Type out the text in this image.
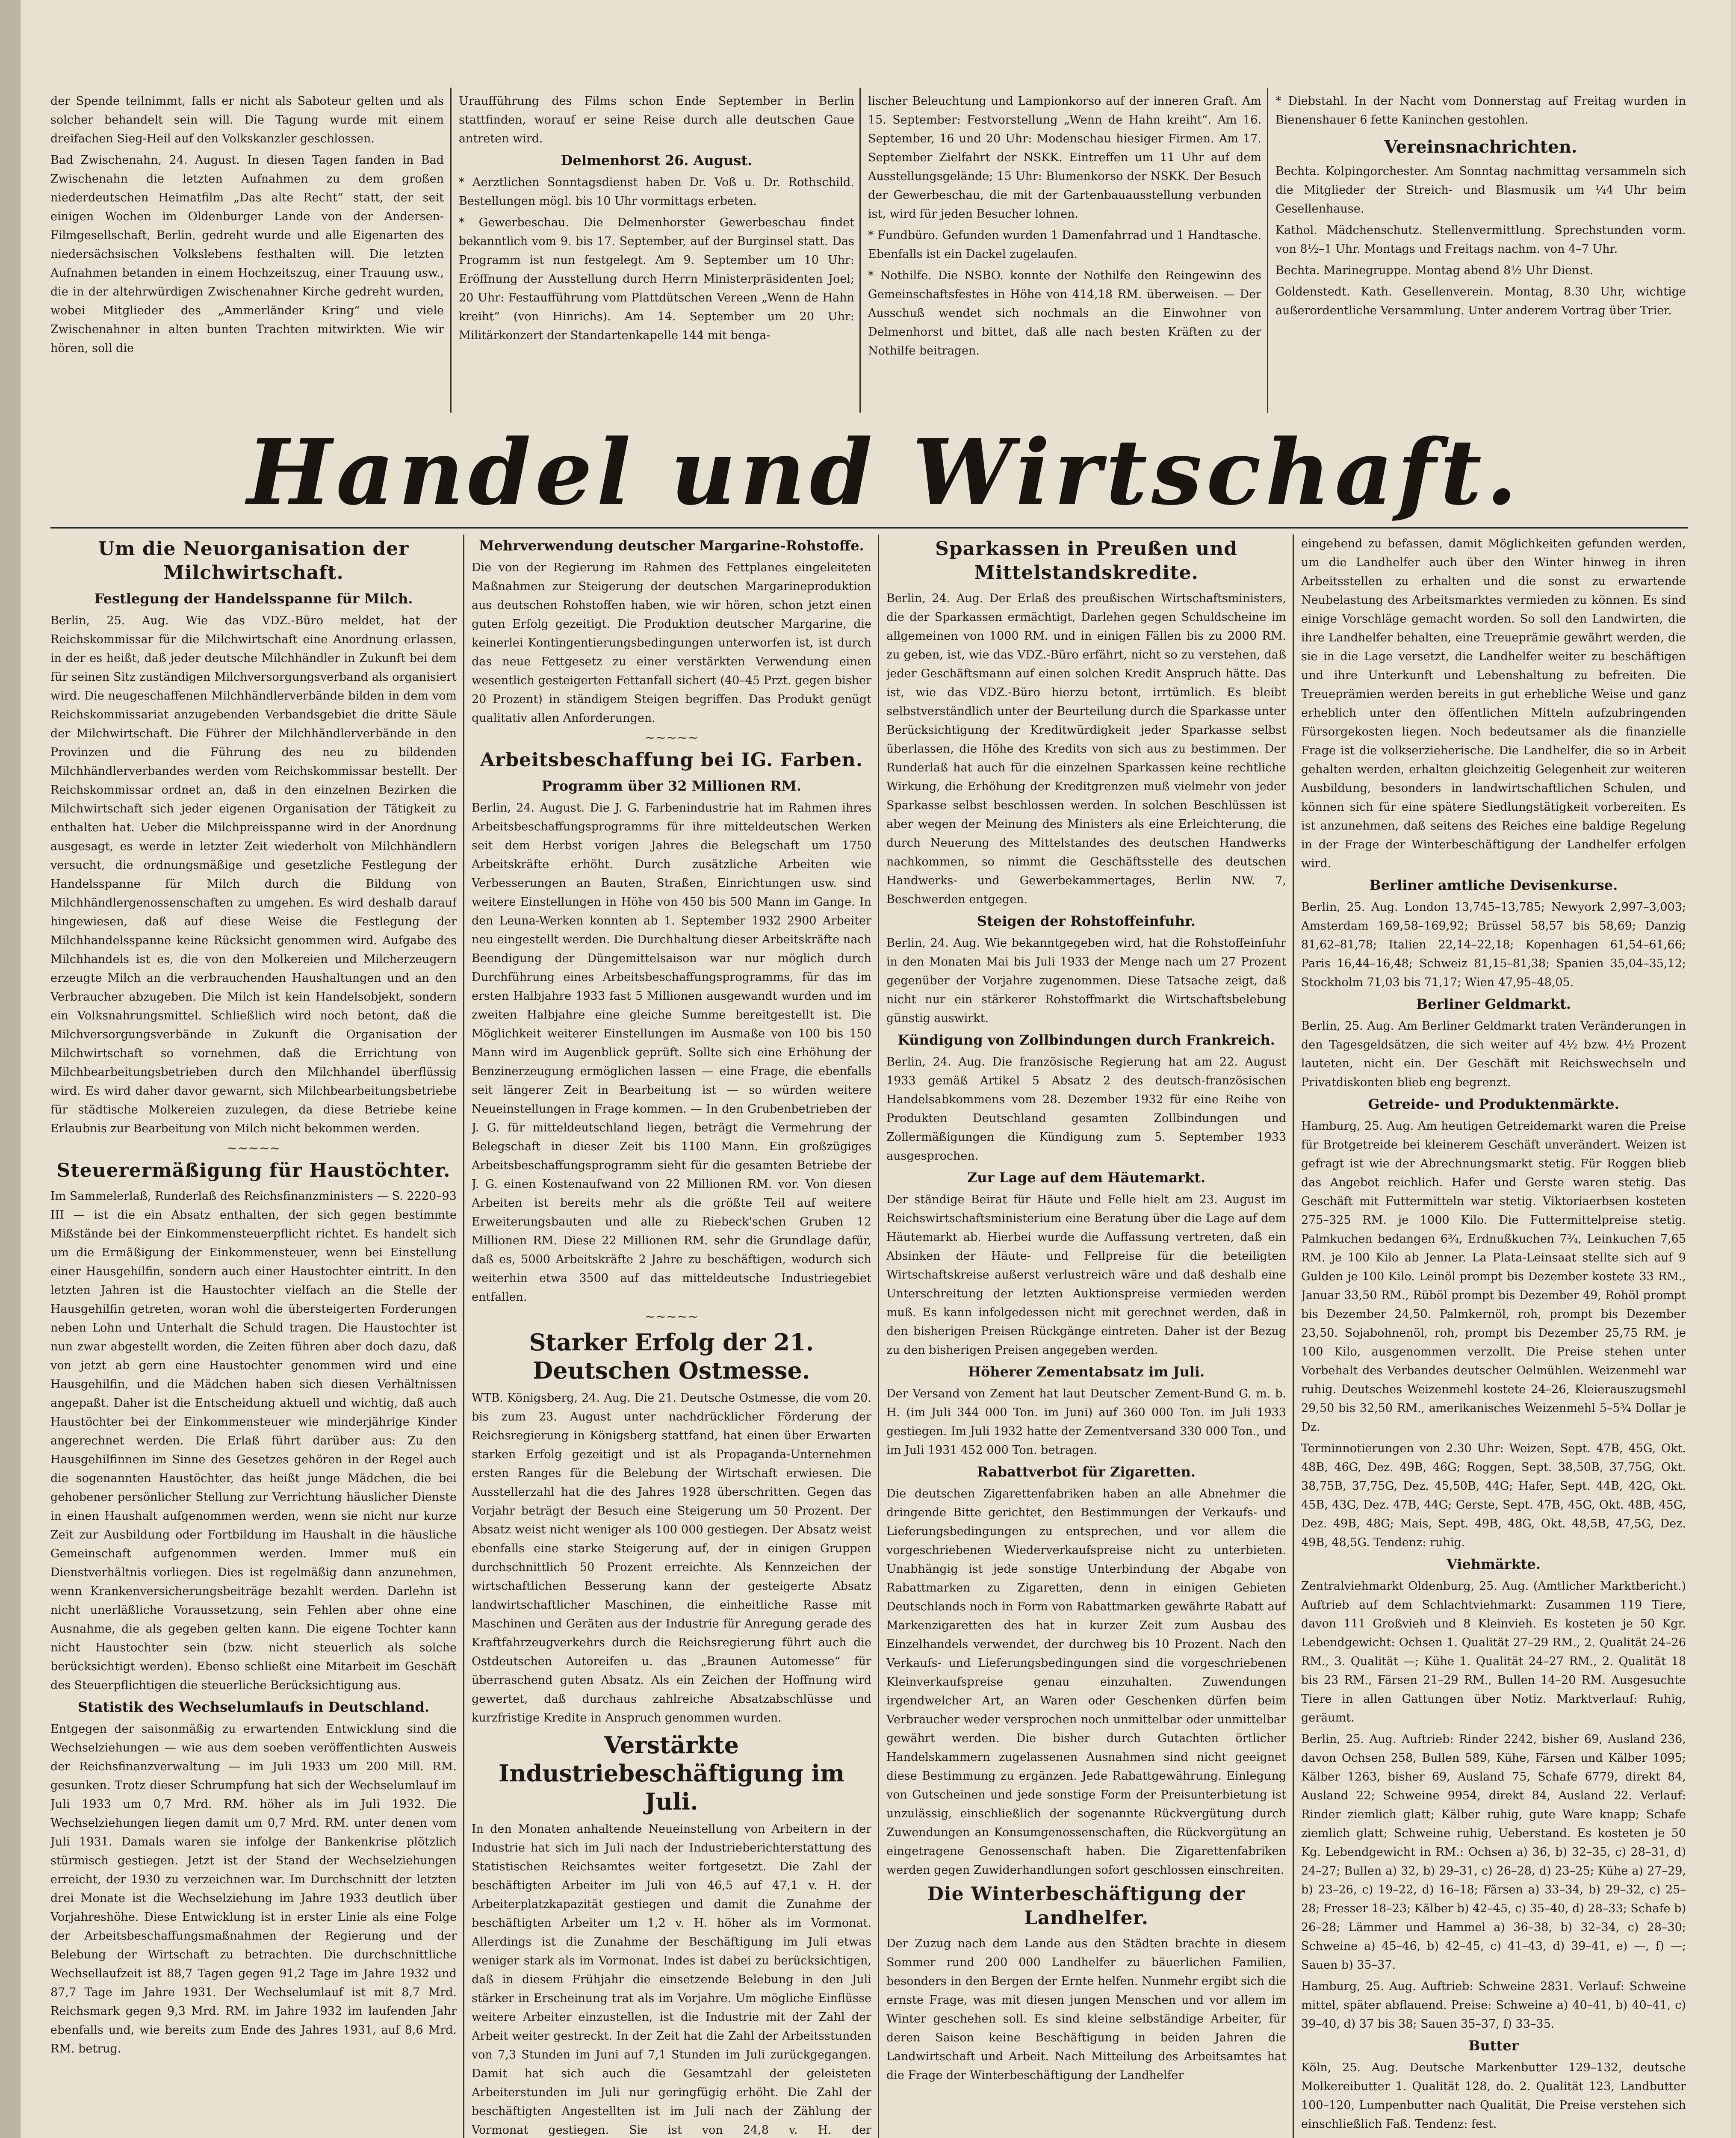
der Spende teilnimmt, falls er nicht als Saboteur gelten und als solcher behandelt sein will. Die Tagung wurde mit einem dreifachen Sieg-Heil auf den Volkskanzler geschlossen.

Bad Zwischenahn, 24. August. In diesen Tagen fanden in Bad Zwischenahn die letzten Aufnahmen zu dem großen niederdeutschen Heimatfilm „Das alte Recht“ statt, der seit einigen Wochen im Oldenburger Lande von der Andersen-Filmgesellschaft, Berlin, gedreht wurde und alle Eigenarten des niedersächsischen Volkslebens festhalten will. Die letzten Aufnahmen betanden in einem Hochzeitszug, einer Trauung usw., die in der altehrwürdigen Zwischenahner Kirche gedreht wurden, wobei Mitglieder des „Ammerländer Kring“ und viele Zwischenahner in alten bunten Trachten mitwirkten. Wie wir hören, soll die

Uraufführung des Films schon Ende September in Berlin stattfinden, worauf er seine Reise durch alle deutschen Gaue antreten wird.

Delmenhorst 26. August.

* Aerztlichen Sonntagsdienst haben Dr. Voß u. Dr. Rothschild. Bestellungen mögl. bis 10 Uhr vormittags erbeten.

* Gewerbeschau. Die Delmenhorster Gewerbeschau findet bekanntlich vom 9. bis 17. September, auf der Burginsel statt. Das Programm ist nun festgelegt. Am 9. September um 10 Uhr: Eröffnung der Ausstellung durch Herrn Ministerpräsidenten Joel; 20 Uhr: Festaufführung vom Plattdütschen Vereen „Wenn de Hahn kreiht“ (von Hinrichs). Am 14. September um 20 Uhr: Militärkonzert der Standartenkapelle 144 mit benga-

lischer Beleuchtung und Lampionkorso auf der inneren Graft. Am 15. September: Festvorstellung „Wenn de Hahn kreiht“. Am 16. September, 16 und 20 Uhr: Modenschau hiesiger Firmen. Am 17. September Zielfahrt der NSKK. Eintreffen um 11 Uhr auf dem Ausstellungsgelände; 15 Uhr: Blumenkorso der NSKK. Der Besuch der Gewerbeschau, die mit der Gartenbauausstellung verbunden ist, wird für jeden Besucher lohnen.

* Fundbüro. Gefunden wurden 1 Damenfahrrad und 1 Handtasche. Ebenfalls ist ein Dackel zugelaufen.

* Nothilfe. Die NSBO. konnte der Nothilfe den Reingewinn des Gemeinschaftsfestes in Höhe von 414,18 RM. überweisen. — Der Ausschuß wendet sich nochmals an die Einwohner von Delmenhorst und bittet, daß alle nach besten Kräften zu der Nothilfe beitragen.

* Diebstahl. In der Nacht vom Donnerstag auf Freitag wurden in Bienenshauer 6 fette Kaninchen gestohlen.

Vereinsnachrichten.

Bechta. Kolpingorchester. Am Sonntag nachmittag versammeln sich die Mitglieder der Streich- und Blasmusik um ¼4 Uhr beim Gesellenhause.

Kathol. Mädchenschutz. Stellenvermittlung. Sprechstunden vorm. von 8½–1 Uhr. Montags und Freitags nachm. von 4–7 Uhr.

Bechta. Marinegruppe. Montag abend 8½ Uhr Dienst.

Goldenstedt. Kath. Gesellenverein. Montag, 8.30 Uhr, wichtige außerordentliche Versammlung. Unter anderem Vortrag über Trier.

Handel und Wirtschaft.
Um die Neuorganisation der Milchwirtschaft.
Festlegung der Handelsspanne für Milch.

Berlin, 25. Aug. Wie das VDZ.-Büro meldet, hat der Reichskommissar für die Milchwirtschaft eine Anordnung erlassen, in der es heißt, daß jeder deutsche Milchhändler in Zukunft bei dem für seinen Sitz zuständigen Milchversorgungsverband als organisiert wird. Die neugeschaffenen Milchhändlerverbände bilden in dem vom Reichskommissariat anzugebenden Verbandsgebiet die dritte Säule der Milchwirtschaft. Die Führer der Milchhändlerverbände in den Provinzen und die Führung des neu zu bildenden Milchhändlerverbandes werden vom Reichskommissar bestellt. Der Reichskommissar ordnet an, daß in den einzelnen Bezirken die Milchwirtschaft sich jeder eigenen Organisation der Tätigkeit zu enthalten hat. Ueber die Milchpreisspanne wird in der Anordnung ausgesagt, es werde in letzter Zeit wiederholt von Milchhändlern versucht, die ordnungsmäßige und gesetzliche Festlegung der Handelsspanne für Milch durch die Bildung von Milchhändlergenossenschaften zu umgehen. Es wird deshalb darauf hingewiesen, daß auf diese Weise die Festlegung der Milchhandelsspanne keine Rücksicht genommen wird. Aufgabe des Milchhandels ist es, die von den Molkereien und Milcherzeugern erzeugte Milch an die verbrauchenden Haushaltungen und an den Verbraucher abzugeben. Die Milch ist kein Handelsobjekt, sondern ein Volksnahrungsmittel. Schließlich wird noch betont, daß die Milchversorgungsverbände in Zukunft die Organisation der Milchwirtschaft so vornehmen, daß die Errichtung von Milchbearbeitungsbetrieben durch den Milchhandel überflüssig wird. Es wird daher davor gewarnt, sich Milchbearbeitungsbetriebe für städtische Molkereien zuzulegen, da diese Betriebe keine Erlaubnis zur Bearbeitung von Milch nicht bekommen werden.

∼∼∼∼∼
Steuerermäßigung für Haustöchter.

Im Sammelerlaß, Runderlaß des Reichsfinanzministers — S. 2220–93 III — ist die ein Absatz enthalten, der sich gegen bestimmte Mißstände bei der Einkommensteuerpflicht richtet. Es handelt sich um die Ermäßigung der Einkommensteuer, wenn bei Einstellung einer Hausgehilfin, sondern auch einer Haustochter eintritt. In den letzten Jahren ist die Haustochter vielfach an die Stelle der Hausgehilfin getreten, woran wohl die übersteigerten Forderungen neben Lohn und Unterhalt die Schuld tragen. Die Haustochter ist nun zwar abgestellt worden, die Zeiten führen aber doch dazu, daß von jetzt ab gern eine Haustochter genommen wird und eine Hausgehilfin, und die Mädchen haben sich diesen Verhältnissen angepaßt. Daher ist die Entscheidung aktuell und wichtig, daß auch Haustöchter bei der Einkommensteuer wie minderjährige Kinder angerechnet werden. Die Erlaß führt darüber aus: Zu den Hausgehilfinnen im Sinne des Gesetzes gehören in der Regel auch die sogenannten Haustöchter, das heißt junge Mädchen, die bei gehobener persönlicher Stellung zur Verrichtung häuslicher Dienste in einen Haushalt aufgenommen werden, wenn sie nicht nur kurze Zeit zur Ausbildung oder Fortbildung im Haushalt in die häusliche Gemeinschaft aufgenommen werden. Immer muß ein Dienstverhältnis vorliegen. Dies ist regelmäßig dann anzunehmen, wenn Krankenversicherungsbeiträge bezahlt werden. Darlehn ist nicht unerläßliche Voraussetzung, sein Fehlen aber ohne eine Ausnahme, die als gegeben gelten kann. Die eigene Tochter kann nicht Haustochter sein (bzw. nicht steuerlich als solche berücksichtigt werden). Ebenso schließt eine Mitarbeit im Geschäft des Steuerpflichtigen die steuerliche Berücksichtigung aus.

Statistik des Wechselumlaufs in Deutschland.

Entgegen der saisonmäßig zu erwartenden Entwicklung sind die Wechselziehungen — wie aus dem soeben veröffentlichten Ausweis der Reichsfinanzverwaltung — im Juli 1933 um 200 Mill. RM. gesunken. Trotz dieser Schrumpfung hat sich der Wechselumlauf im Juli 1933 um 0,7 Mrd. RM. höher als im Juli 1932. Die Wechselziehungen liegen damit um 0,7 Mrd. RM. unter denen vom Juli 1931. Damals waren sie infolge der Bankenkrise plötzlich stürmisch gestiegen. Jetzt ist der Stand der Wechselziehungen erreicht, der 1930 zu verzeichnen war. Im Durchschnitt der letzten drei Monate ist die Wechselziehung im Jahre 1933 deutlich über Vorjahreshöhe. Diese Entwicklung ist in erster Linie als eine Folge der Arbeitsbeschaffungsmaßnahmen der Regierung und der Belebung der Wirtschaft zu betrachten. Die durchschnittliche Wechsellaufzeit ist 88,7 Tagen gegen 91,2 Tage im Jahre 1932 und 87,7 Tage im Jahre 1931. Der Wechselumlauf ist mit 8,7 Mrd. Reichsmark gegen 9,3 Mrd. RM. im Jahre 1932 im laufenden Jahr ebenfalls und, wie bereits zum Ende des Jahres 1931, auf 8,6 Mrd. RM. betrug.

Mehrverwendung deutscher Margarine-Rohstoffe.

Die von der Regierung im Rahmen des Fettplanes eingeleiteten Maßnahmen zur Steigerung der deutschen Margarineproduktion aus deutschen Rohstoffen haben, wie wir hören, schon jetzt einen guten Erfolg gezeitigt. Die Produktion deutscher Margarine, die keinerlei Kontingentierungsbedingungen unterworfen ist, ist durch das neue Fettgesetz zu einer verstärkten Verwendung einen wesentlich gesteigerten Fettanfall sichert (40–45 Przt. gegen bisher 20 Prozent) in ständigem Steigen begriffen. Das Produkt genügt qualitativ allen Anforderungen.

∼∼∼∼∼
Arbeitsbeschaffung bei IG. Farben.
Programm über 32 Millionen RM.

Berlin, 24. August. Die J. G. Farbenindustrie hat im Rahmen ihres Arbeitsbeschaffungsprogramms für ihre mitteldeutschen Werken seit dem Herbst vorigen Jahres die Belegschaft um 1750 Arbeitskräfte erhöht. Durch zusätzliche Arbeiten wie Verbesserungen an Bauten, Straßen, Einrichtungen usw. sind weitere Einstellungen in Höhe von 450 bis 500 Mann im Gange. In den Leuna-Werken konnten ab 1. September 1932 2900 Arbeiter neu eingestellt werden. Die Durchhaltung dieser Arbeitskräfte nach Beendigung der Düngemittelsaison war nur möglich durch Durchführung eines Arbeitsbeschaffungsprogramms, für das im ersten Halbjahre 1933 fast 5 Millionen ausgewandt wurden und im zweiten Halbjahre eine gleiche Summe bereitgestellt ist. Die Möglichkeit weiterer Einstellungen im Ausmaße von 100 bis 150 Mann wird im Augenblick geprüft. Sollte sich eine Erhöhung der Benzinerzeugung ermöglichen lassen — eine Frage, die ebenfalls seit längerer Zeit in Bearbeitung ist — so würden weitere Neueinstellungen in Frage kommen. — In den Grubenbetrieben der J. G. für mitteldeutschland liegen, beträgt die Vermehrung der Belegschaft in dieser Zeit bis 1100 Mann. Ein großzügiges Arbeitsbeschaffungsprogramm sieht für die gesamten Betriebe der J. G. einen Kostenaufwand von 22 Millionen RM. vor. Von diesen Arbeiten ist bereits mehr als die größte Teil auf weitere Erweiterungsbauten und alle zu Riebeck'schen Gruben 12 Millionen RM. Diese 22 Millionen RM. sehr die Grundlage dafür, daß es, 5000 Arbeitskräfte 2 Jahre zu beschäftigen, wodurch sich weiterhin etwa 3500 auf das mitteldeutsche Industriegebiet entfallen.

∼∼∼∼∼
Starker Erfolg der 21. Deutschen Ostmesse.

WTB. Königsberg, 24. Aug. Die 21. Deutsche Ostmesse, die vom 20. bis zum 23. August unter nachdrücklicher Förderung der Reichsregierung in Königsberg stattfand, hat einen über Erwarten starken Erfolg gezeitigt und ist als Propaganda-Unternehmen ersten Ranges für die Belebung der Wirtschaft erwiesen. Die Ausstellerzahl hat die des Jahres 1928 überschritten. Gegen das Vorjahr beträgt der Besuch eine Steigerung um 50 Prozent. Der Absatz weist nicht weniger als 100 000 gestiegen. Der Absatz weist ebenfalls eine starke Steigerung auf, der in einigen Gruppen durchschnittlich 50 Prozent erreichte. Als Kennzeichen der wirtschaftlichen Besserung kann der gesteigerte Absatz landwirtschaftlicher Maschinen, die einheitliche Rasse mit Maschinen und Geräten aus der Industrie für Anregung gerade des Kraftfahrzeugverkehrs durch die Reichsregierung führt auch die Ostdeutschen Autoreifen u. das „Braunen Automesse“ für überraschend guten Absatz. Als ein Zeichen der Hoffnung wird gewertet, daß durchaus zahlreiche Absatzabschlüsse und kurzfristige Kredite in Anspruch genommen wurden.

Verstärkte Industriebeschäftigung im Juli.

In den Monaten anhaltende Neueinstellung von Arbeitern in der Industrie hat sich im Juli nach der Industrieberichterstattung des Statistischen Reichsamtes weiter fortgesetzt. Die Zahl der beschäftigten Arbeiter im Juli von 46,5 auf 47,1 v. H. der Arbeiterplatzkapazität gestiegen und damit die Zunahme der beschäftigten Arbeiter um 1,2 v. H. höher als im Vormonat. Allerdings ist die Zunahme der Beschäftigung im Juli etwas weniger stark als im Vormonat. Indes ist dabei zu berücksichtigen, daß in diesem Frühjahr die einsetzende Belebung in den Juli stärker in Erscheinung trat als im Vorjahre. Um mögliche Einflüsse weitere Arbeiter einzustellen, ist die Industrie mit der Zahl der Arbeit weiter gestreckt. In der Zeit hat die Zahl der Arbeitsstunden von 7,3 Stunden im Juni auf 7,1 Stunden im Juli zurückgegangen. Damit hat sich auch die Gesamtzahl der geleisteten Arbeiterstunden im Juli nur geringfügig erhöht. Die Zahl der beschäftigten Angestellten ist im Juli nach der Zählung der Vormonat gestiegen. Sie ist von 24,8 v. H. der

Sparkassen in Preußen und Mittelstandskredite.

Berlin, 24. Aug. Der Erlaß des preußischen Wirtschaftsministers, die der Sparkassen ermächtigt, Darlehen gegen Schuldscheine im allgemeinen von 1000 RM. und in einigen Fällen bis zu 2000 RM. zu geben, ist, wie das VDZ.-Büro erfährt, nicht so zu verstehen, daß jeder Geschäftsmann auf einen solchen Kredit Anspruch hätte. Das ist, wie das VDZ.-Büro hierzu betont, irrtümlich. Es bleibt selbstverständlich unter der Beurteilung durch die Sparkasse unter Berücksichtigung der Kreditwürdigkeit jeder Sparkasse selbst überlassen, die Höhe des Kredits von sich aus zu bestimmen. Der Runderlaß hat auch für die einzelnen Sparkassen keine rechtliche Wirkung, die Erhöhung der Kreditgrenzen muß vielmehr von jeder Sparkasse selbst beschlossen werden. In solchen Beschlüssen ist aber wegen der Meinung des Ministers als eine Erleichterung, die durch Neuerung des Mittelstandes des deutschen Handwerks nachkommen, so nimmt die Geschäftsstelle des deutschen Handwerks- und Gewerbekammertages, Berlin NW. 7, Beschwerden entgegen.

Steigen der Rohstoffeinfuhr.

Berlin, 24. Aug. Wie bekanntgegeben wird, hat die Rohstoffeinfuhr in den Monaten Mai bis Juli 1933 der Menge nach um 27 Prozent gegenüber der Vorjahre zugenommen. Diese Tatsache zeigt, daß nicht nur ein stärkerer Rohstoffmarkt die Wirtschaftsbelebung günstig auswirkt.

Kündigung von Zollbindungen durch Frankreich.

Berlin, 24. Aug. Die französische Regierung hat am 22. August 1933 gemäß Artikel 5 Absatz 2 des deutsch-französischen Handelsabkommens vom 28. Dezember 1932 für eine Reihe von Produkten Deutschland gesamten Zollbindungen und Zollermäßigungen die Kündigung zum 5. September 1933 ausgesprochen.

Zur Lage auf dem Häutemarkt.

Der ständige Beirat für Häute und Felle hielt am 23. August im Reichswirtschaftsministerium eine Beratung über die Lage auf dem Häutemarkt ab. Hierbei wurde die Auffassung vertreten, daß ein Absinken der Häute- und Fellpreise für die beteiligten Wirtschaftskreise außerst verlustreich wäre und daß deshalb eine Unterschreitung der letzten Auktionspreise vermieden werden muß. Es kann infolgedessen nicht mit gerechnet werden, daß in den bisherigen Preisen Rückgänge eintreten. Daher ist der Bezug zu den bisherigen Preisen angegeben werden.

Höherer Zementabsatz im Juli.

Der Versand von Zement hat laut Deutscher Zement-Bund G. m. b. H. (im Juli 344 000 Ton. im Juni) auf 360 000 Ton. im Juli 1933 gestiegen. Im Juli 1932 hatte der Zementversand 330 000 Ton., und im Juli 1931 452 000 Ton. betragen.

Rabattverbot für Zigaretten.

Die deutschen Zigarettenfabriken haben an alle Abnehmer die dringende Bitte gerichtet, den Bestimmungen der Verkaufs- und Lieferungsbedingungen zu entsprechen, und vor allem die vorgeschriebenen Wiederverkaufspreise nicht zu unterbieten. Unabhängig ist jede sonstige Unterbindung der Abgabe von Rabattmarken zu Zigaretten, denn in einigen Gebieten Deutschlands noch in Form von Rabattmarken gewährte Rabatt auf Markenzigaretten des hat in kurzer Zeit zum Ausbau des Einzelhandels verwendet, der durchweg bis 10 Prozent. Nach den Verkaufs- und Lieferungsbedingungen sind die vorgeschriebenen Kleinverkaufspreise genau einzuhalten. Zuwendungen irgendwelcher Art, an Waren oder Geschenken dürfen beim Verbraucher weder versprochen noch unmittelbar oder unmittelbar gewährt werden. Die bisher durch Gutachten örtlicher Handelskammern zugelassenen Ausnahmen sind nicht geeignet diese Bestimmung zu ergänzen. Jede Rabattgewährung. Einlegung von Gutscheinen und jede sonstige Form der Preisunterbietung ist unzulässig, einschließlich der sogenannte Rückvergütung durch Zuwendungen an Konsumgenossenschaften, die Rückvergütung an eingetragene Genossenschaft haben. Die Zigarettenfabriken werden gegen Zuwiderhandlungen sofort geschlossen einschreiten.

Die Winterbeschäftigung der Landhelfer.

Der Zuzug nach dem Lande aus den Städten brachte in diesem Sommer rund 200 000 Landhelfer zu bäuerlichen Familien, besonders in den Bergen der Ernte helfen. Nunmehr ergibt sich die ernste Frage, was mit diesen jungen Menschen und vor allem im Winter geschehen soll. Es sind kleine selbständige Arbeiter, für deren Saison keine Beschäftigung in beiden Jahren die Landwirtschaft und Arbeit. Nach Mitteilung des Arbeitsamtes hat die Frage der Winterbeschäftigung der Landhelfer

eingehend zu befassen, damit Möglichkeiten gefunden werden, um die Landhelfer auch über den Winter hinweg in ihren Arbeitsstellen zu erhalten und die sonst zu erwartende Neubelastung des Arbeitsmarktes vermieden zu können. Es sind einige Vorschläge gemacht worden. So soll den Landwirten, die ihre Landhelfer behalten, eine Treueprämie gewährt werden, die sie in die Lage versetzt, die Landhelfer weiter zu beschäftigen und ihre Unterkunft und Lebenshaltung zu befreiten. Die Treueprämien werden bereits in gut erhebliche Weise und ganz erheblich unter den öffentlichen Mitteln aufzubringenden Fürsorgekosten liegen. Noch bedeutsamer als die finanzielle Frage ist die volkserzieherische. Die Landhelfer, die so in Arbeit gehalten werden, erhalten gleichzeitig Gelegenheit zur weiteren Ausbildung, besonders in landwirtschaftlichen Schulen, und können sich für eine spätere Siedlungstätigkeit vorbereiten. Es ist anzunehmen, daß seitens des Reiches eine baldige Regelung in der Frage der Winterbeschäftigung der Landhelfer erfolgen wird.

Berliner amtliche Devisenkurse.

Berlin, 25. Aug. London 13,745–13,785; Newyork 2,997–3,003; Amsterdam 169,58–169,92; Brüssel 58,57 bis 58,69; Danzig 81,62–81,78; Italien 22,14–22,18; Kopenhagen 61,54–61,66; Paris 16,44–16,48; Schweiz 81,15–81,38; Spanien 35,04–35,12; Stockholm 71,03 bis 71,17; Wien 47,95–48,05.

Berliner Geldmarkt.

Berlin, 25. Aug. Am Berliner Geldmarkt traten Veränderungen in den Tagesgeldsätzen, die sich weiter auf 4½ bzw. 4½ Prozent lauteten, nicht ein. Der Geschäft mit Reichswechseln und Privatdiskonten blieb eng begrenzt.

Getreide- und Produktenmärkte.

Hamburg, 25. Aug. Am heutigen Getreidemarkt waren die Preise für Brotgetreide bei kleinerem Geschäft unverändert. Weizen ist gefragt ist wie der Abrechnungsmarkt stetig. Für Roggen blieb das Angebot reichlich. Hafer und Gerste waren stetig. Das Geschäft mit Futtermitteln war stetig. Viktoriaerbsen kosteten 275–325 RM. je 1000 Kilo. Die Futtermittelpreise stetig. Palmkuchen bedangen 6¾, Erdnußkuchen 7¾, Leinkuchen 7,65 RM. je 100 Kilo ab Jenner. La Plata-Leinsaat stellte sich auf 9 Gulden je 100 Kilo. Leinöl prompt bis Dezember kostete 33 RM., Januar 33,50 RM., Rüböl prompt bis Dezember 49, Rohöl prompt bis Dezember 24,50. Palmkernöl, roh, prompt bis Dezember 23,50. Sojabohnenöl, roh, prompt bis Dezember 25,75 RM. je 100 Kilo, ausgenommen verzollt. Die Preise stehen unter Vorbehalt des Verbandes deutscher Oelmühlen. Weizenmehl war ruhig. Deutsches Weizenmehl kostete 24–26, Kleierauszugsmehl 29,50 bis 32,50 RM., amerikanisches Weizenmehl 5–5¾ Dollar je Dz.

Terminnotierungen von 2.30 Uhr: Weizen, Sept. 47B, 45G, Okt. 48B, 46G, Dez. 49B, 46G; Roggen, Sept. 38,50B, 37,75G, Okt. 38,75B, 37,75G, Dez. 45,50B, 44G; Hafer, Sept. 44B, 42G, Okt. 45B, 43G, Dez. 47B, 44G; Gerste, Sept. 47B, 45G, Okt. 48B, 45G, Dez. 49B, 48G; Mais, Sept. 49B, 48G, Okt. 48,5B, 47,5G, Dez. 49B, 48,5G. Tendenz: ruhig.

Viehmärkte.

Zentralviehmarkt Oldenburg, 25. Aug. (Amtlicher Marktbericht.) Auftrieb auf dem Schlachtviehmarkt: Zusammen 119 Tiere, davon 111 Großvieh und 8 Kleinvieh. Es kosteten je 50 Kgr. Lebendgewicht: Ochsen 1. Qualität 27–29 RM., 2. Qualität 24–26 RM., 3. Qualität —; Kühe 1. Qualität 24–27 RM., 2. Qualität 18 bis 23 RM., Färsen 21–29 RM., Bullen 14–20 RM. Ausgesuchte Tiere in allen Gattungen über Notiz. Marktverlauf: Ruhig, geräumt.

Berlin, 25. Aug. Auftrieb: Rinder 2242, bisher 69, Ausland 236, davon Ochsen 258, Bullen 589, Kühe, Färsen und Kälber 1095; Kälber 1263, bisher 69, Ausland 75, Schafe 6779, direkt 84, Ausland 22; Schweine 9954, direkt 84, Ausland 22. Verlauf: Rinder ziemlich glatt; Kälber ruhig, gute Ware knapp; Schafe ziemlich glatt; Schweine ruhig, Ueberstand. Es kosteten je 50 Kg. Lebendgewicht in RM.: Ochsen a) 36, b) 32–35, c) 28–31, d) 24–27; Bullen a) 32, b) 29–31, c) 26–28, d) 23–25; Kühe a) 27–29, b) 23–26, c) 19–22, d) 16–18; Färsen a) 33–34, b) 29–32, c) 25–28; Fresser 18–23; Kälber b) 42–45, c) 35–40, d) 28–33; Schafe b) 26–28; Lämmer und Hammel a) 36–38, b) 32–34, c) 28–30; Schweine a) 45–46, b) 42–45, c) 41–43, d) 39–41, e) —, f) —; Sauen b) 35–37.

Hamburg, 25. Aug. Auftrieb: Schweine 2831. Verlauf: Schweine mittel, später abflauend. Preise: Schweine a) 40–41, b) 40–41, c) 39–40, d) 37 bis 38; Sauen 35–37, f) 33–35.

Butter

Köln, 25. Aug. Deutsche Markenbutter 129–132, deutsche Molkereibutter 1. Qualität 128, do. 2. Qualität 123, Landbutter 100–120, Lumpenbutter nach Qualität, Die Preise verstehen sich einschließlich Faß. Tendenz: fest.
